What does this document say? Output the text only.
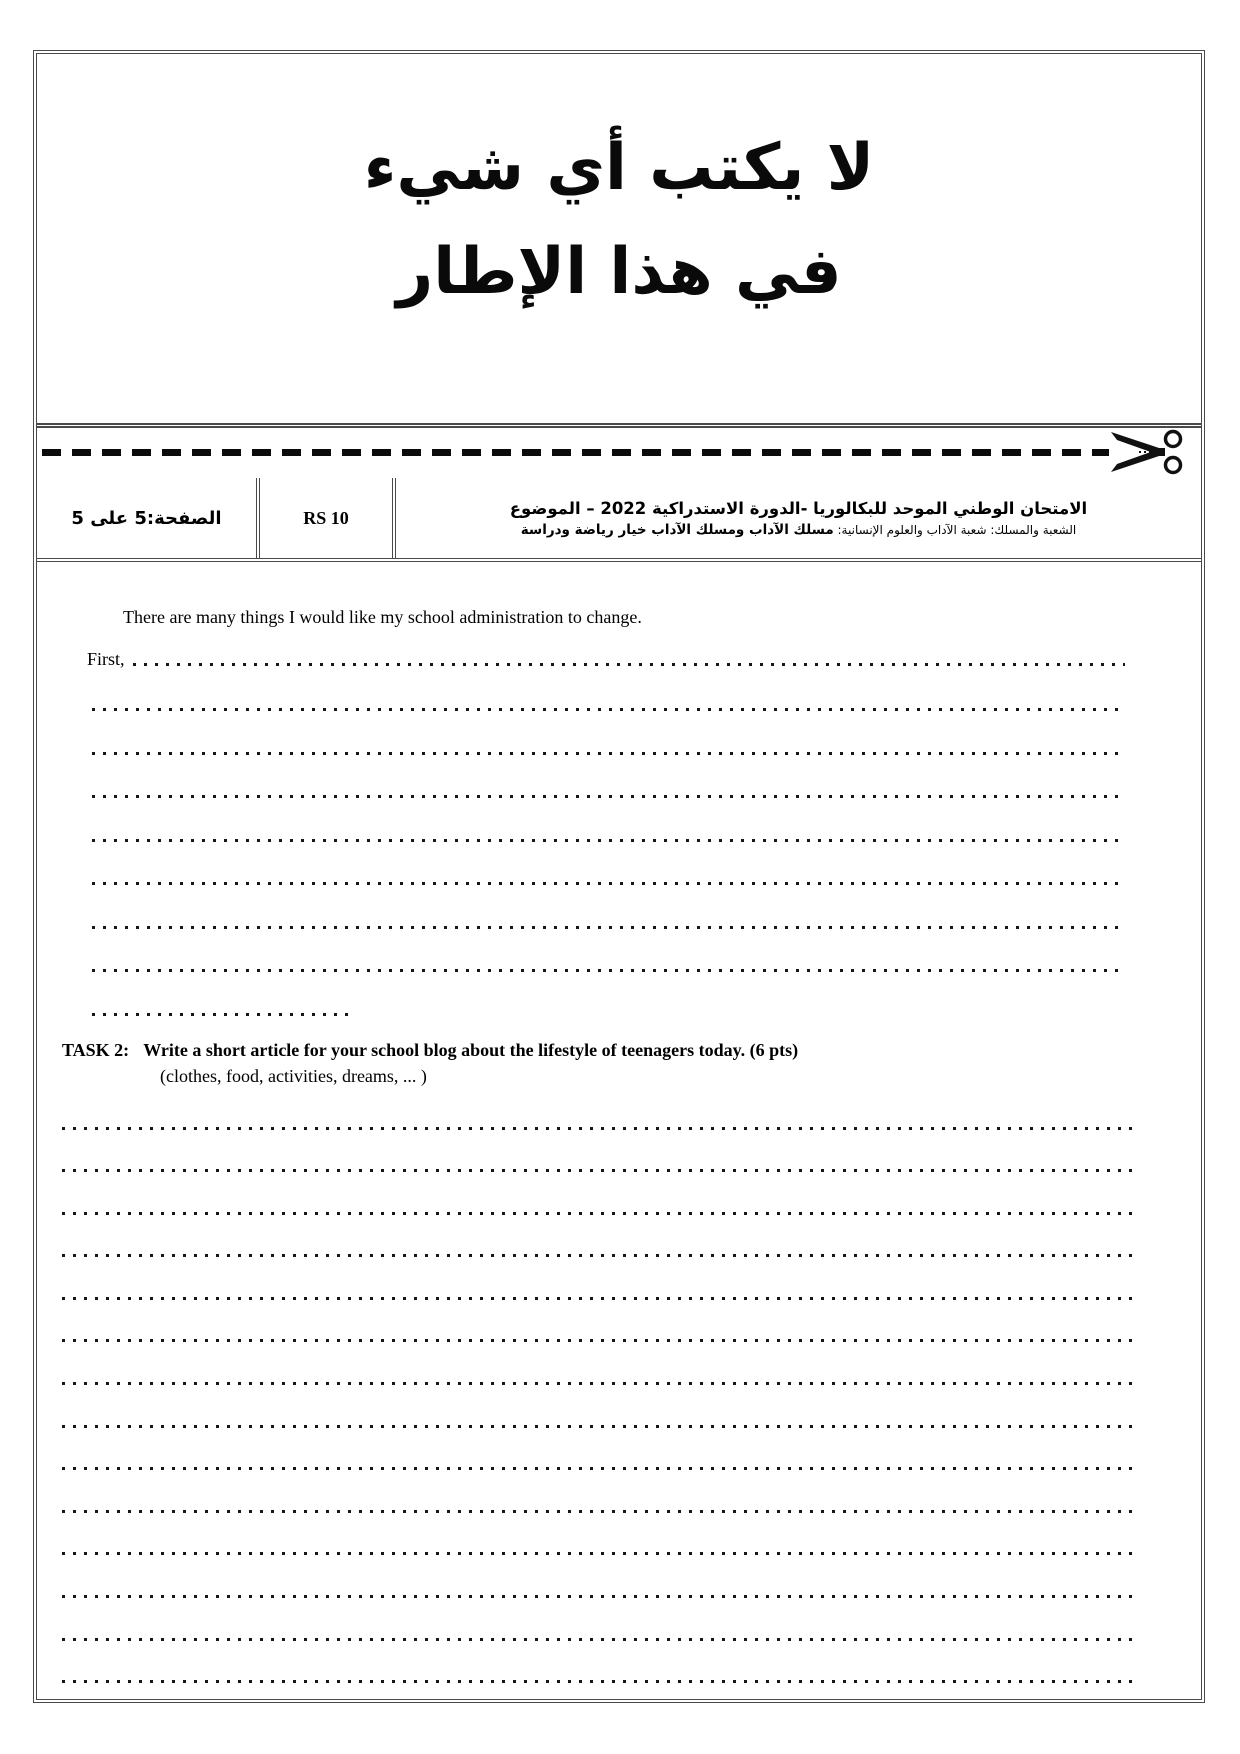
لا يكتب أي شيء
في هذا الإطار
الصفحة:5 على 5	RS 10	الامتحان الوطني الموحد للبكالوريا -الدورة الاستدراكية 2022 – الموضوع
الشعبة والمسلك: شعبة الآداب والعلوم الإنسانية: مسلك الآداب ومسلك الآداب خيار رياضة ودراسة

There are many things I would like my school administration to change.

First,
TASK 2: Write a short article for your school blog about the lifestyle of teenagers today. (6 pts)
(clothes, food, activities, dreams, ... )
